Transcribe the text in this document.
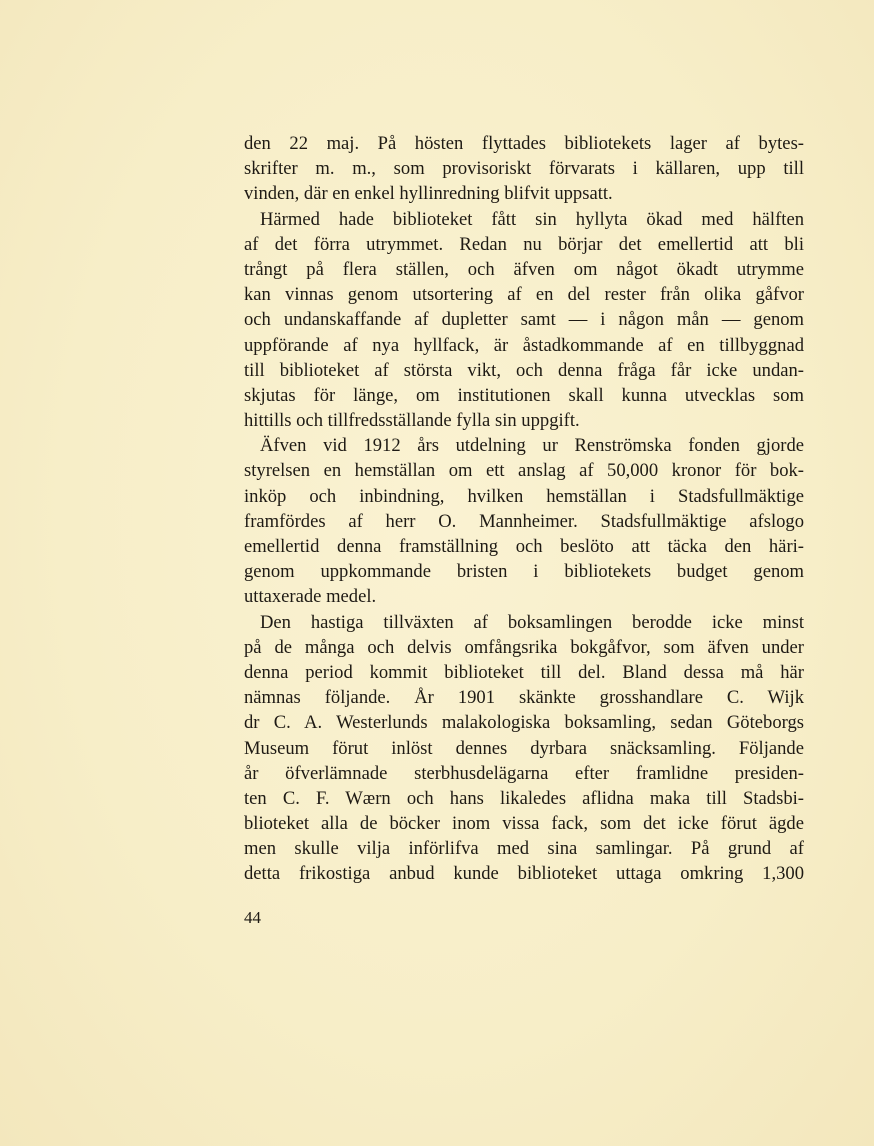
den 22 maj. På hösten flyttades bibliotekets lager af bytes-
skrifter m. m., som provisoriskt förvarats i källaren, upp till
vinden, där en enkel hyllinredning blifvit uppsatt.
Härmed hade biblioteket fått sin hyllyta ökad med hälften
af det förra utrymmet. Redan nu börjar det emellertid att bli
trångt på flera ställen, och äfven om något ökadt utrymme
kan vinnas genom utsortering af en del rester från olika gåfvor
och undanskaffande af dupletter samt — i någon mån — genom
uppförande af nya hyllfack, är åstadkommande af en tillbyggnad
till biblioteket af största vikt, och denna fråga får icke undan-
skjutas för länge, om institutionen skall kunna utvecklas som
hittills och tillfredsställande fylla sin uppgift.
Äfven vid 1912 års utdelning ur Renströmska fonden gjorde
styrelsen en hemställan om ett anslag af 50,000 kronor för bok-
inköp och inbindning, hvilken hemställan i Stadsfullmäktige
framfördes af herr O. Mannheimer. Stadsfullmäktige afslogo
emellertid denna framställning och beslöto att täcka den häri-
genom uppkommande bristen i bibliotekets budget genom
uttaxerade medel.
Den hastiga tillväxten af boksamlingen berodde icke minst
på de många och delvis omfångsrika bokgåfvor, som äfven under
denna period kommit biblioteket till del. Bland dessa må här
nämnas följande. År 1901 skänkte grosshandlare C. Wijk
dr C. A. Westerlunds malakologiska boksamling, sedan Göteborgs
Museum förut inlöst dennes dyrbara snäcksamling. Följande
år öfverlämnade sterbhusdelägarna efter framlidne presiden-
ten C. F. Wærn och hans likaledes aflidna maka till Stadsbi-
blioteket alla de böcker inom vissa fack, som det icke förut ägde
men skulle vilja införlifva med sina samlingar. På grund af
detta frikostiga anbud kunde biblioteket uttaga omkring 1,300
44
